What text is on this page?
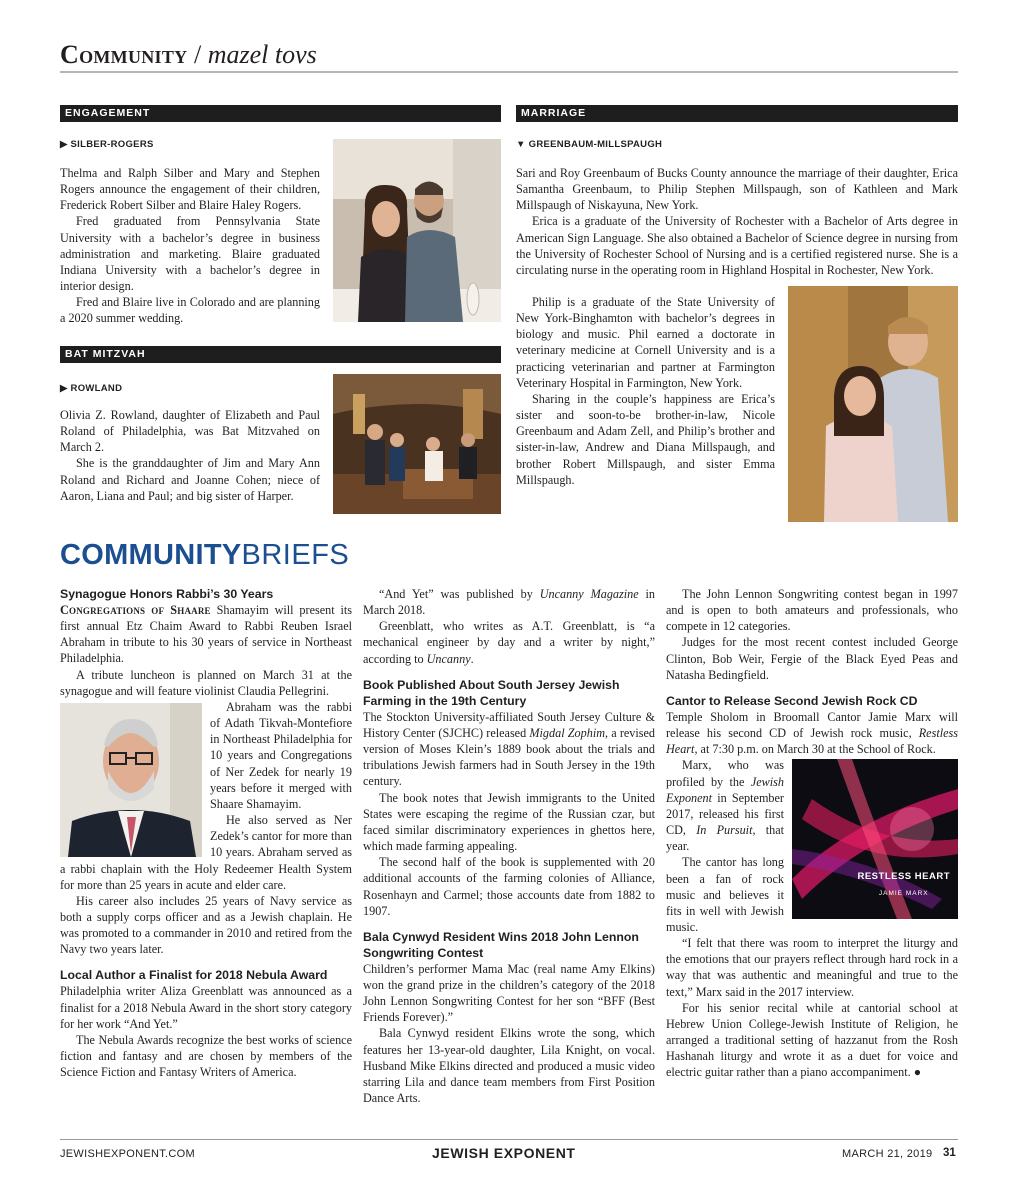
Community / mazel tovs
ENGAGEMENT
▶ SILBER-ROGERS

Thelma and Ralph Silber and Mary and Stephen Rogers announce the engagement of their children, Frederick Robert Silber and Blaire Haley Rogers.

Fred graduated from Pennsylvania State University with a bachelor’s degree in business administration and marketing. Blaire graduated Indiana University with a bachelor’s degree in interior design.

Fred and Blaire live in Colorado and are planning a 2020 summer wedding.

BAT MITZVAH
▶ ROWLAND

Olivia Z. Rowland, daughter of Elizabeth and Paul Roland of Philadelphia, was Bat Mitzvahed on March 2.

She is the granddaughter of Jim and Mary Ann Roland and Richard and Joanne Cohen; niece of Aaron, Liana and Paul; and big sister of Harper.

MARRIAGE
▼ GREENBAUM-MILLSPAUGH

Sari and Roy Greenbaum of Bucks County announce the marriage of their daughter, Erica Samantha Greenbaum, to Philip Stephen Millspaugh, son of Kathleen and Mark Millspaugh of Niskayuna, New York.

Erica is a graduate of the University of Rochester with a Bachelor of Arts degree in American Sign Language. She also obtained a Bachelor of Science degree in nursing from the University of Rochester School of Nursing and is a certified registered nurse. She is a circulating nurse in the operating room in Highland Hospital in Rochester, New York.

Philip is a graduate of the State University of New York-Binghamton with bachelor’s degrees in biology and music. Phil earned a doctorate in veterinary medicine at Cornell University and is a practicing veterinarian and partner at Farmington Veterinary Hospital in Farmington, New York.

Sharing in the couple’s happiness are Erica’s sister and soon-to-be brother-in-law, Nicole Greenbaum and Adam Zell, and Philip’s brother and sister-in-law, Andrew and Diana Millspaugh, and brother Robert Millspaugh, and sister Emma Millspaugh.

COMMUNITYBRIEFS
Synagogue Honors Rabbi’s 30 Years

Congregations of Shaare Shamayim will present its first annual Etz Chaim Award to Rabbi Reuben Israel Abraham in tribute to his 30 years of service in Northeast Philadelphia.

A tribute luncheon is planned on March 31 at the synagogue and will feature violinist Claudia Pellegrini.

Abraham was the rabbi of Adath Tikvah-Montefiore in Northeast Philadelphia for 10 years and Congregations of Ner Zedek for nearly 19 years before it merged with Shaare Shamayim.

He also served as Ner Zedek’s cantor for more than 10 years. Abraham served as a rabbi chaplain with the Holy Redeemer Health System for more than 25 years in acute and elder care.

His career also includes 25 years of Navy service as both a supply corps officer and as a Jewish chaplain. He was promoted to a commander in 2010 and retired from the Navy two years later.

Local Author a Finalist for 2018 Nebula Award

Philadelphia writer Aliza Greenblatt was announced as a finalist for a 2018 Nebula Award in the short story category for her work “And Yet.”

The Nebula Awards recognize the best works of science fiction and fantasy and are chosen by members of the Science Fiction and Fantasy Writers of America.

“And Yet” was published by Uncanny Magazine in March 2018.

Greenblatt, who writes as A.T. Greenblatt, is “a mechanical engineer by day and a writer by night,” according to Uncanny.

Book Published About South Jersey Jewish Farming in the 19th Century

The Stockton University-affiliated South Jersey Culture & History Center (SJCHC) released Migdal Zophim, a revised version of Moses Klein’s 1889 book about the trials and tribulations Jewish farmers had in South Jersey in the 19th century.

The book notes that Jewish immigrants to the United States were escaping the regime of the Russian czar, but faced similar discriminatory experiences in ghettos here, which made farming appealing.

The second half of the book is supplemented with 20 additional accounts of the farming colonies of Alliance, Rosenhayn and Carmel; those accounts date from 1882 to 1907.

Bala Cynwyd Resident Wins 2018 John Lennon Songwriting Contest

Children’s performer Mama Mac (real name Amy Elkins) won the grand prize in the children’s category of the 2018 John Lennon Songwriting Contest for her son “BFF (Best Friends Forever).”

Bala Cynwyd resident Elkins wrote the song, which features her 13-year-old daughter, Lila Knight, on vocal. Husband Mike Elkins directed and produced a music video starring Lila and dance team members from First Position Dance Arts.

The John Lennon Songwriting contest began in 1997 and is open to both amateurs and professionals, who compete in 12 categories.

Judges for the most recent contest included George Clinton, Bob Weir, Fergie of the Black Eyed Peas and Natasha Bedingfield.

Cantor to Release Second Jewish Rock CD

Temple Sholom in Broomall Cantor Jamie Marx will release his second CD of Jewish rock music, Restless Heart, at 7:30 p.m. on March 30 at the School of Rock.

RESTLESS HEART
JAMIE MARX

Marx, who was profiled by the Jewish Exponent in September 2017, released his first CD, In Pursuit, that year.

The cantor has long been a fan of rock music and believes it fits in well with Jewish music.

“I felt that there was room to interpret the liturgy and the emotions that our prayers reflect through hard rock in a way that was authentic and meaningful and true to the text,” Marx said in the 2017 interview.

For his senior recital while at cantorial school at Hebrew Union College-Jewish Institute of Religion, he arranged a traditional setting of hazzanut from the Rosh Hashanah liturgy and wrote it as a duet for voice and electric guitar rather than a piano accompaniment. ●

JEWISHEXPONENT.COM	JEWISH EXPONENT	MARCH 21, 2019 31
